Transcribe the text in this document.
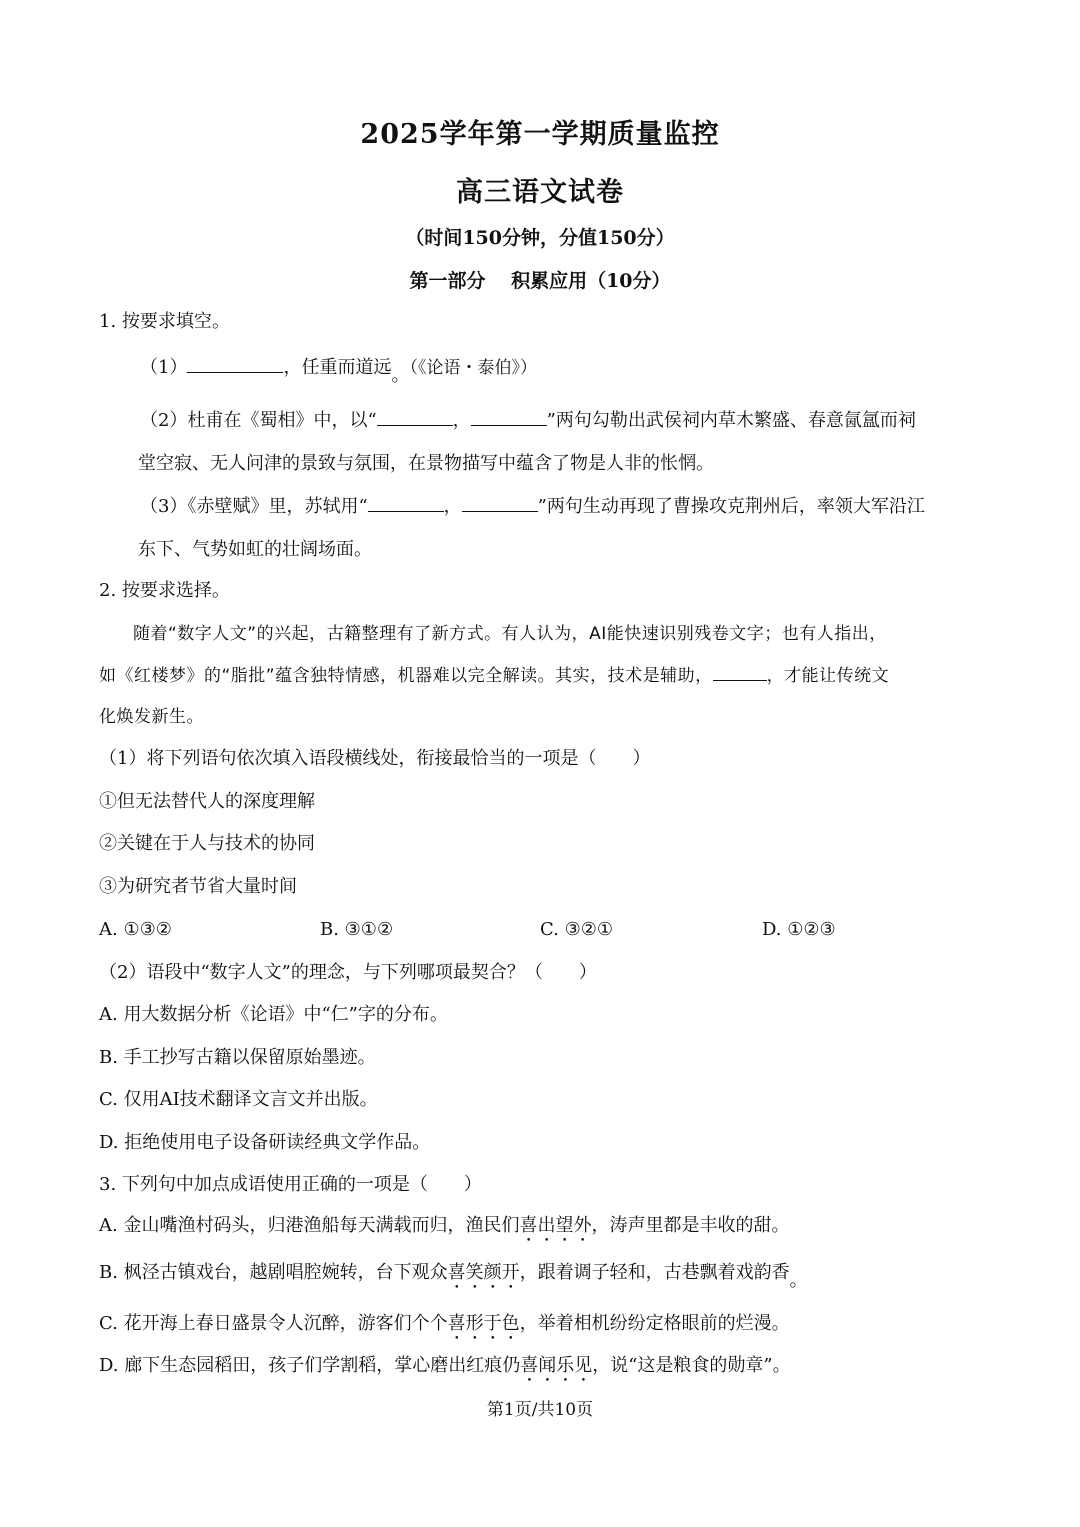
2025学年第一学期质量监控
高三语文试卷
（时间150分钟，分值150分）
第一部分　 积累应用（10分）
1. 按要求填空。
（1）	，任重而道远。（《论语・泰伯》）
（2）杜甫在《蜀相》中，以“	，	”两句勾勒出武侯祠内草木繁盛、春意氤氲而祠
堂空寂、无人问津的景致与氛围，在景物描写中蕴含了物是人非的怅惘。
（3）《赤壁赋》里，苏轼用“	，	”两句生动再现了曹操攻克荆州后，率领大军沿江
东下、气势如虹的壮阔场面。
2. 按要求选择。
随着“数字人文”的兴起，古籍整理有了新方式。有人认为，AI能快速识别残卷文字；也有人指出，
如《红楼梦》的“脂批”蕴含独特情感，机器难以完全解读。其实，技术是辅助，	，才能让传统文
化焕发新生。
（1）将下列语句依次填入语段横线处，衔接最恰当的一项是（　　）
①但无法替代人的深度理解
②关键在于人与技术的协同
③为研究者节省大量时间
A. ①③②	B. ③①②	C. ③②①	D. ①②③
（2）语段中“数字人文”的理念，与下列哪项最契合？（　　）
A. 用大数据分析《论语》中“仁”字的分布。
B. 手工抄写古籍以保留原始墨迹。
C. 仅用AI技术翻译文言文并出版。
D. 拒绝使用电子设备研读经典文学作品。
3. 下列句中加点成语使用正确的一项是（　　）
A. 金山嘴渔村码头，归港渔船每天满载而归，渔民们喜出望外，涛声里都是丰收的甜。
B. 枫泾古镇戏台，越剧唱腔婉转，台下观众喜笑颜开，跟着调子轻和，古巷飘着戏韵香。
C. 花开海上春日盛景令人沉醉，游客们个个喜形于色，举着相机纷纷定格眼前的烂漫。
D. 廊下生态园稻田，孩子们学割稻，掌心磨出红痕仍喜闻乐见，说“这是粮食的勋章”。
第1页/共10页
